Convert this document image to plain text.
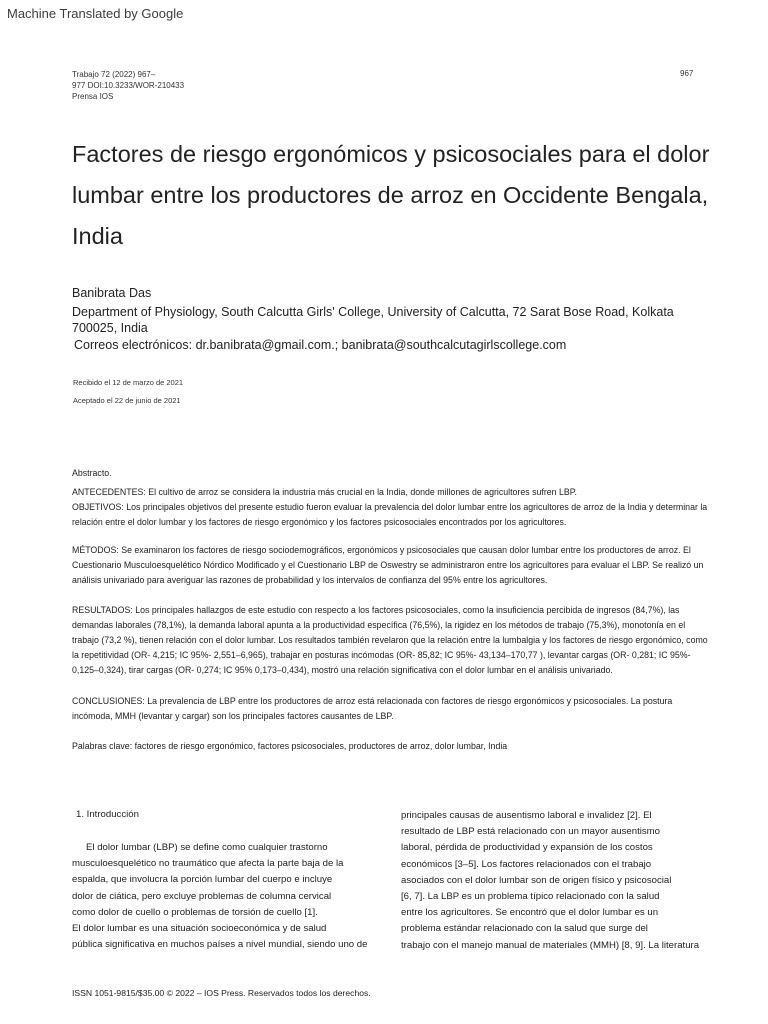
Machine Translated by Google
Trabajo 72 (2022) 967–
977 DOI:10.3233/WOR-210433
Prensa IOS
967
Factores de riesgo ergonómicos y psicosociales para el dolor lumbar entre los productores de arroz en Occidente Bengala, India
Banibrata Das
Department of Physiology, South Calcutta Girls' College, University of Calcutta, 72 Sarat Bose Road, Kolkata 700025, India
Correos electrónicos: dr.banibrata@gmail.com.; banibrata@southcalcutagirlscollege.com
Recibido el 12 de marzo de 2021
Aceptado el 22 de junio de 2021
Abstracto.
ANTECEDENTES: El cultivo de arroz se considera la industria más crucial en la India, donde millones de agricultores sufren LBP.
OBJETIVOS: Los principales objetivos del presente estudio fueron evaluar la prevalencia del dolor lumbar entre los agricultores de arroz de la India y determinar la relación entre el dolor lumbar y los factores de riesgo ergonómico y los factores psicosociales encontrados por los agricultores.
MÉTODOS: Se examinaron los factores de riesgo sociodemográficos, ergonómicos y psicosociales que causan dolor lumbar entre los productores de arroz. El Cuestionario Musculoesquelético Nórdico Modificado y el Cuestionario LBP de Oswestry se administraron entre los agricultores para evaluar el LBP. Se realizó un análisis univariado para averiguar las razones de probabilidad y los intervalos de confianza del 95% entre los agricultores.
RESULTADOS: Los principales hallazgos de este estudio con respecto a los factores psicosociales, como la insuficiencia percibida de ingresos (84,7%), las demandas laborales (78,1%), la demanda laboral apunta a la productividad específica (76,5%), la rigidez en los métodos de trabajo (75,3%), monotonía en el trabajo (73,2 %), tienen relación con el dolor lumbar. Los resultados también revelaron que la relación entre la lumbalgia y los factores de riesgo ergonómico, como la repetitividad (OR- 4,215; IC 95%- 2,551–6,965), trabajar en posturas incómodas (OR- 85,82; IC 95%- 43,134–170,77 ), levantar cargas (OR- 0,281; IC 95%- 0,125–0,324), tirar cargas (OR- 0,274; IC 95% 0,173–0,434), mostró una relación significativa con el dolor lumbar en el análisis univariado.
CONCLUSIONES: La prevalencia de LBP entre los productores de arroz está relacionada con factores de riesgo ergonómicos y psicosociales. La postura incómoda, MMH (levantar y cargar) son los principales factores causantes de LBP.
Palabras clave: factores de riesgo ergonómico, factores psicosociales, productores de arroz, dolor lumbar, India
1. Introducción
El dolor lumbar (LBP) se define como cualquier trastorno
musculoesquelético no traumático que afecta la parte baja de la
espalda, que involucra la porción lumbar del cuerpo e incluye
dolor de ciática, pero excluye problemas de columna cervical
como dolor de cuello o problemas de torsión de cuello [1].
El dolor lumbar es una situación socioeconómica y de salud
pública significativa en muchos países a nivel mundial, siendo uno de
principales causas de ausentismo laboral e invalidez [2]. El
resultado de LBP está relacionado con un mayor ausentismo
laboral, pérdida de productividad y expansión de los costos
económicos [3–5]. Los factores relacionados con el trabajo
asociados con el dolor lumbar son de origen físico y psicosocial
[6, 7]. La LBP es un problema típico relacionado con la salud
entre los agricultores. Se encontró que el dolor lumbar es un
problema estándar relacionado con la salud que surge del
trabajo con el manejo manual de materiales (MMH) [8, 9]. La literatura
ISSN 1051-9815/$35.00 © 2022 – IOS Press. Reservados todos los derechos.
